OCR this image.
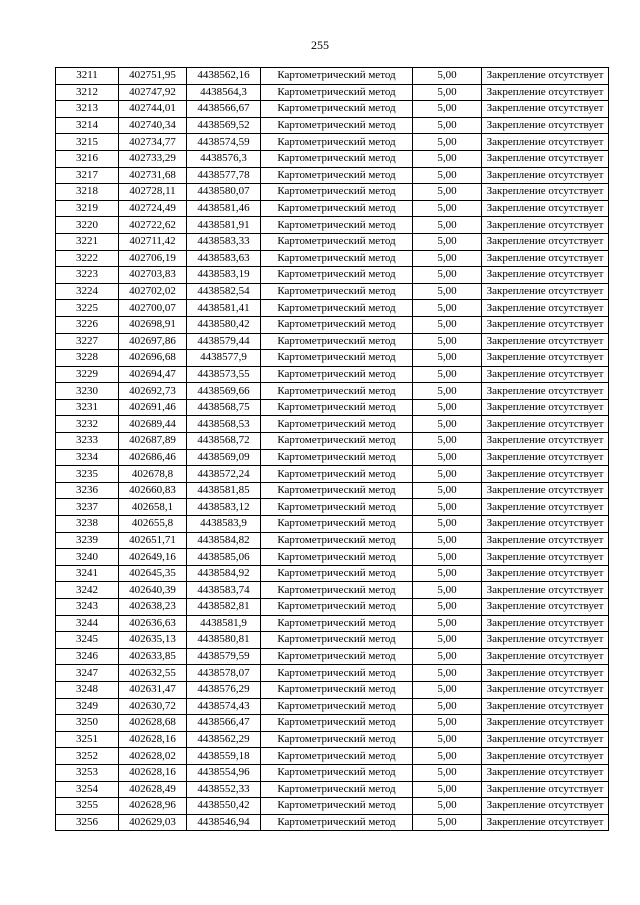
255
3211	402751,95	4438562,16	Картометрический метод	5,00	Закрепление отсутствует
3212	402747,92	4438564,3	Картометрический метод	5,00	Закрепление отсутствует
3213	402744,01	4438566,67	Картометрический метод	5,00	Закрепление отсутствует
3214	402740,34	4438569,52	Картометрический метод	5,00	Закрепление отсутствует
3215	402734,77	4438574,59	Картометрический метод	5,00	Закрепление отсутствует
3216	402733,29	4438576,3	Картометрический метод	5,00	Закрепление отсутствует
3217	402731,68	4438577,78	Картометрический метод	5,00	Закрепление отсутствует
3218	402728,11	4438580,07	Картометрический метод	5,00	Закрепление отсутствует
3219	402724,49	4438581,46	Картометрический метод	5,00	Закрепление отсутствует
3220	402722,62	4438581,91	Картометрический метод	5,00	Закрепление отсутствует
3221	402711,42	4438583,33	Картометрический метод	5,00	Закрепление отсутствует
3222	402706,19	4438583,63	Картометрический метод	5,00	Закрепление отсутствует
3223	402703,83	4438583,19	Картометрический метод	5,00	Закрепление отсутствует
3224	402702,02	4438582,54	Картометрический метод	5,00	Закрепление отсутствует
3225	402700,07	4438581,41	Картометрический метод	5,00	Закрепление отсутствует
3226	402698,91	4438580,42	Картометрический метод	5,00	Закрепление отсутствует
3227	402697,86	4438579,44	Картометрический метод	5,00	Закрепление отсутствует
3228	402696,68	4438577,9	Картометрический метод	5,00	Закрепление отсутствует
3229	402694,47	4438573,55	Картометрический метод	5,00	Закрепление отсутствует
3230	402692,73	4438569,66	Картометрический метод	5,00	Закрепление отсутствует
3231	402691,46	4438568,75	Картометрический метод	5,00	Закрепление отсутствует
3232	402689,44	4438568,53	Картометрический метод	5,00	Закрепление отсутствует
3233	402687,89	4438568,72	Картометрический метод	5,00	Закрепление отсутствует
3234	402686,46	4438569,09	Картометрический метод	5,00	Закрепление отсутствует
3235	402678,8	4438572,24	Картометрический метод	5,00	Закрепление отсутствует
3236	402660,83	4438581,85	Картометрический метод	5,00	Закрепление отсутствует
3237	402658,1	4438583,12	Картометрический метод	5,00	Закрепление отсутствует
3238	402655,8	4438583,9	Картометрический метод	5,00	Закрепление отсутствует
3239	402651,71	4438584,82	Картометрический метод	5,00	Закрепление отсутствует
3240	402649,16	4438585,06	Картометрический метод	5,00	Закрепление отсутствует
3241	402645,35	4438584,92	Картометрический метод	5,00	Закрепление отсутствует
3242	402640,39	4438583,74	Картометрический метод	5,00	Закрепление отсутствует
3243	402638,23	4438582,81	Картометрический метод	5,00	Закрепление отсутствует
3244	402636,63	4438581,9	Картометрический метод	5,00	Закрепление отсутствует
3245	402635,13	4438580,81	Картометрический метод	5,00	Закрепление отсутствует
3246	402633,85	4438579,59	Картометрический метод	5,00	Закрепление отсутствует
3247	402632,55	4438578,07	Картометрический метод	5,00	Закрепление отсутствует
3248	402631,47	4438576,29	Картометрический метод	5,00	Закрепление отсутствует
3249	402630,72	4438574,43	Картометрический метод	5,00	Закрепление отсутствует
3250	402628,68	4438566,47	Картометрический метод	5,00	Закрепление отсутствует
3251	402628,16	4438562,29	Картометрический метод	5,00	Закрепление отсутствует
3252	402628,02	4438559,18	Картометрический метод	5,00	Закрепление отсутствует
3253	402628,16	4438554,96	Картометрический метод	5,00	Закрепление отсутствует
3254	402628,49	4438552,33	Картометрический метод	5,00	Закрепление отсутствует
3255	402628,96	4438550,42	Картометрический метод	5,00	Закрепление отсутствует
3256	402629,03	4438546,94	Картометрический метод	5,00	Закрепление отсутствует
